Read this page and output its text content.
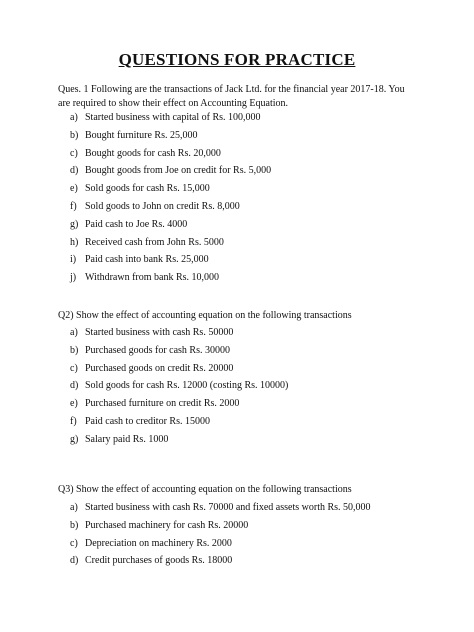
QUESTIONS FOR PRACTICE
Ques. 1 Following are the transactions of Jack Ltd. for the financial year 2017-18. You are required to show their effect on Accounting Equation.
a) Started business with capital of Rs. 100,000
b) Bought furniture Rs. 25,000
c) Bought goods for cash Rs. 20,000
d) Bought goods from Joe on credit for Rs. 5,000
e) Sold goods for cash Rs. 15,000
f) Sold goods to John on credit Rs. 8,000
g) Paid cash to Joe Rs. 4000
h) Received cash from John Rs. 5000
i) Paid cash into bank Rs. 25,000
j) Withdrawn from bank Rs. 10,000
Q2) Show the effect of accounting equation on the following transactions
a) Started business with cash Rs. 50000
b) Purchased goods for cash Rs. 30000
c) Purchased goods on credit Rs. 20000
d) Sold goods for cash Rs. 12000 (costing Rs. 10000)
e) Purchased furniture on credit Rs. 2000
f) Paid cash to creditor Rs. 15000
g) Salary paid Rs. 1000
Q3) Show the effect of accounting equation on the following transactions
a) Started business with cash Rs. 70000 and fixed assets worth Rs. 50,000
b) Purchased machinery for cash Rs. 20000
c) Depreciation on machinery Rs. 2000
d) Credit purchases of goods Rs. 18000
